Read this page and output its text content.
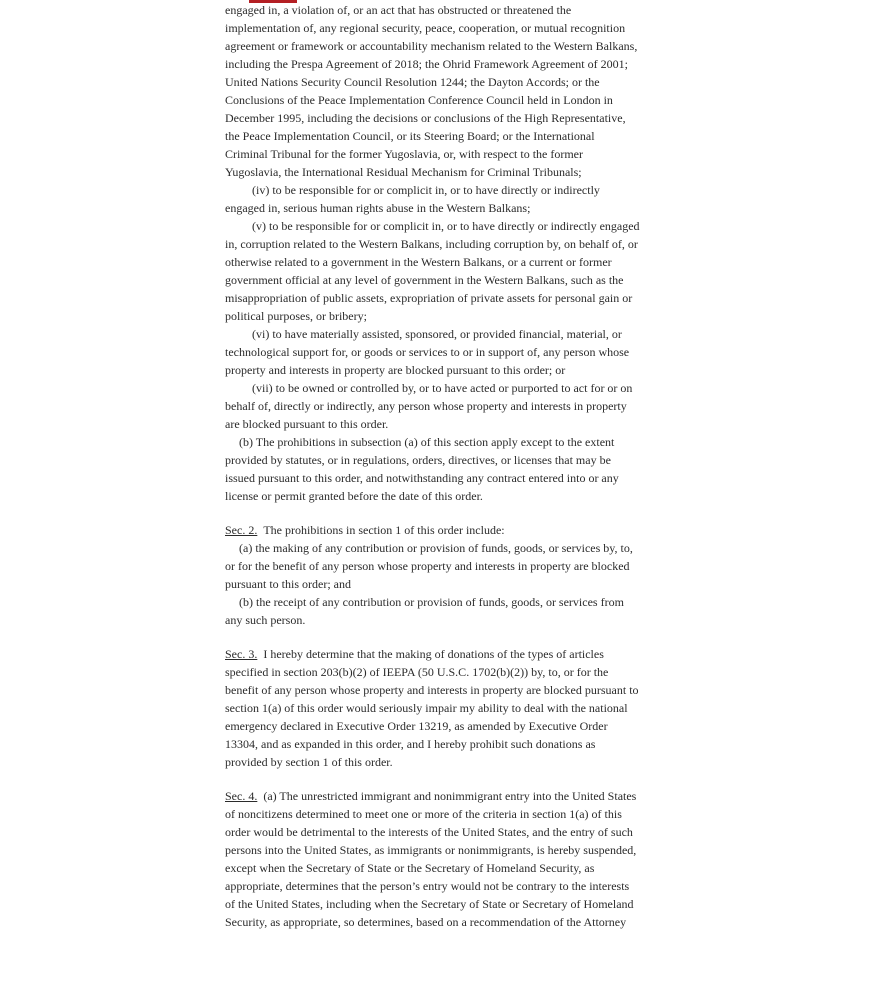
engaged in, a violation of, or an act that has obstructed or threatened the implementation of, any regional security, peace, cooperation, or mutual recognition agreement or framework or accountability mechanism related to the Western Balkans, including the Prespa Agreement of 2018; the Ohrid Framework Agreement of 2001; United Nations Security Council Resolution 1244; the Dayton Accords; or the Conclusions of the Peace Implementation Conference Council held in London in December 1995, including the decisions or conclusions of the High Representative, the Peace Implementation Council, or its Steering Board; or the International Criminal Tribunal for the former Yugoslavia, or, with respect to the former Yugoslavia, the International Residual Mechanism for Criminal Tribunals;

(iv) to be responsible for or complicit in, or to have directly or indirectly engaged in, serious human rights abuse in the Western Balkans;

(v) to be responsible for or complicit in, or to have directly or indirectly engaged in, corruption related to the Western Balkans, including corruption by, on behalf of, or otherwise related to a government in the Western Balkans, or a current or former government official at any level of government in the Western Balkans, such as the misappropriation of public assets, expropriation of private assets for personal gain or political purposes, or bribery;

(vi) to have materially assisted, sponsored, or provided financial, material, or technological support for, or goods or services to or in support of, any person whose property and interests in property are blocked pursuant to this order; or

(vii) to be owned or controlled by, or to have acted or purported to act for or on behalf of, directly or indirectly, any person whose property and interests in property are blocked pursuant to this order.

(b) The prohibitions in subsection (a) of this section apply except to the extent provided by statutes, or in regulations, orders, directives, or licenses that may be issued pursuant to this order, and notwithstanding any contract entered into or any license or permit granted before the date of this order.

Sec. 2. The prohibitions in section 1 of this order include:

(a) the making of any contribution or provision of funds, goods, or services by, to, or for the benefit of any person whose property and interests in property are blocked pursuant to this order; and

(b) the receipt of any contribution or provision of funds, goods, or services from any such person.

Sec. 3. I hereby determine that the making of donations of the types of articles specified in section 203(b)(2) of IEEPA (50 U.S.C. 1702(b)(2)) by, to, or for the benefit of any person whose property and interests in property are blocked pursuant to section 1(a) of this order would seriously impair my ability to deal with the national emergency declared in Executive Order 13219, as amended by Executive Order 13304, and as expanded in this order, and I hereby prohibit such donations as provided by section 1 of this order.

Sec. 4. (a) The unrestricted immigrant and nonimmigrant entry into the United States of noncitizens determined to meet one or more of the criteria in section 1(a) of this order would be detrimental to the interests of the United States, and the entry of such persons into the United States, as immigrants or nonimmigrants, is hereby suspended, except when the Secretary of State or the Secretary of Homeland Security, as appropriate, determines that the person’s entry would not be contrary to the interests of the United States, including when the Secretary of State or Secretary of Homeland Security, as appropriate, so determines, based on a recommendation of the Attorney
